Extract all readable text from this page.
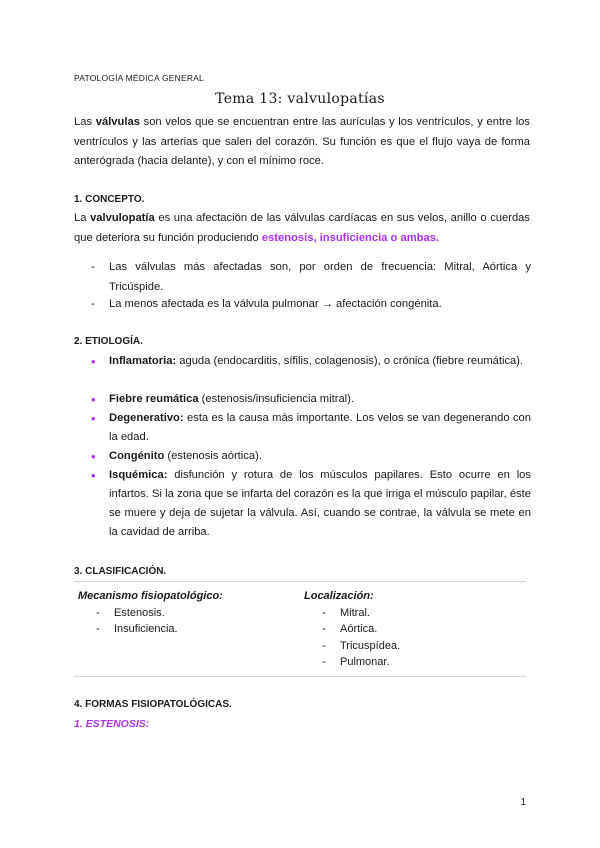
PATOLOGÍA MÉDICA GENERAL
Tema 13: valvulopatías
Las válvulas son velos que se encuentran entre las aurículas y los ventrículos, y entre los ventrículos y las arterias que salen del corazón. Su función es que el flujo vaya de forma anterógrada (hacia delante), y con el mínimo roce.
1. CONCEPTO.
La valvulopatía es una afectación de las válvulas cardíacas en sus velos, anillo o cuerdas que deteriora su función produciendo estenosis, insuficiencia o ambas.
- Las válvulas más afectadas son, por orden de frecuencia: Mitral, Aórtica y Tricúspide.
- La menos afectada es la válvula pulmonar → afectación congénita.
2. ETIOLOGÍA.
• Inflamatoria: aguda (endocarditis, sífilis, colagenosis), o crónica (fiebre reumática).
• Fiebre reumática (estenosis/insuficiencia mitral).
• Degenerativo: esta es la causa más importante. Los velos se van degenerando con la edad.
• Congénito (estenosis aórtica).
• Isquémica: disfunción y rotura de los músculos papilares. Esto ocurre en los infartos. Si la zona que se infarta del corazón es la que irriga el músculo papilar, éste se muere y deja de sujetar la válvula. Así, cuando se contrae, la válvula se mete en la cavidad de arriba.
3. CLASIFICACIÓN.
Mecanismo fisiopatológico:
- Estenosis.
- Insuficiencia.
Localización:
- Mitral.
- Aórtica.
- Tricuspídea.
- Pulmonar.
4. FORMAS FISIOPATOLÓGICAS.
1. ESTENOSIS:
1
